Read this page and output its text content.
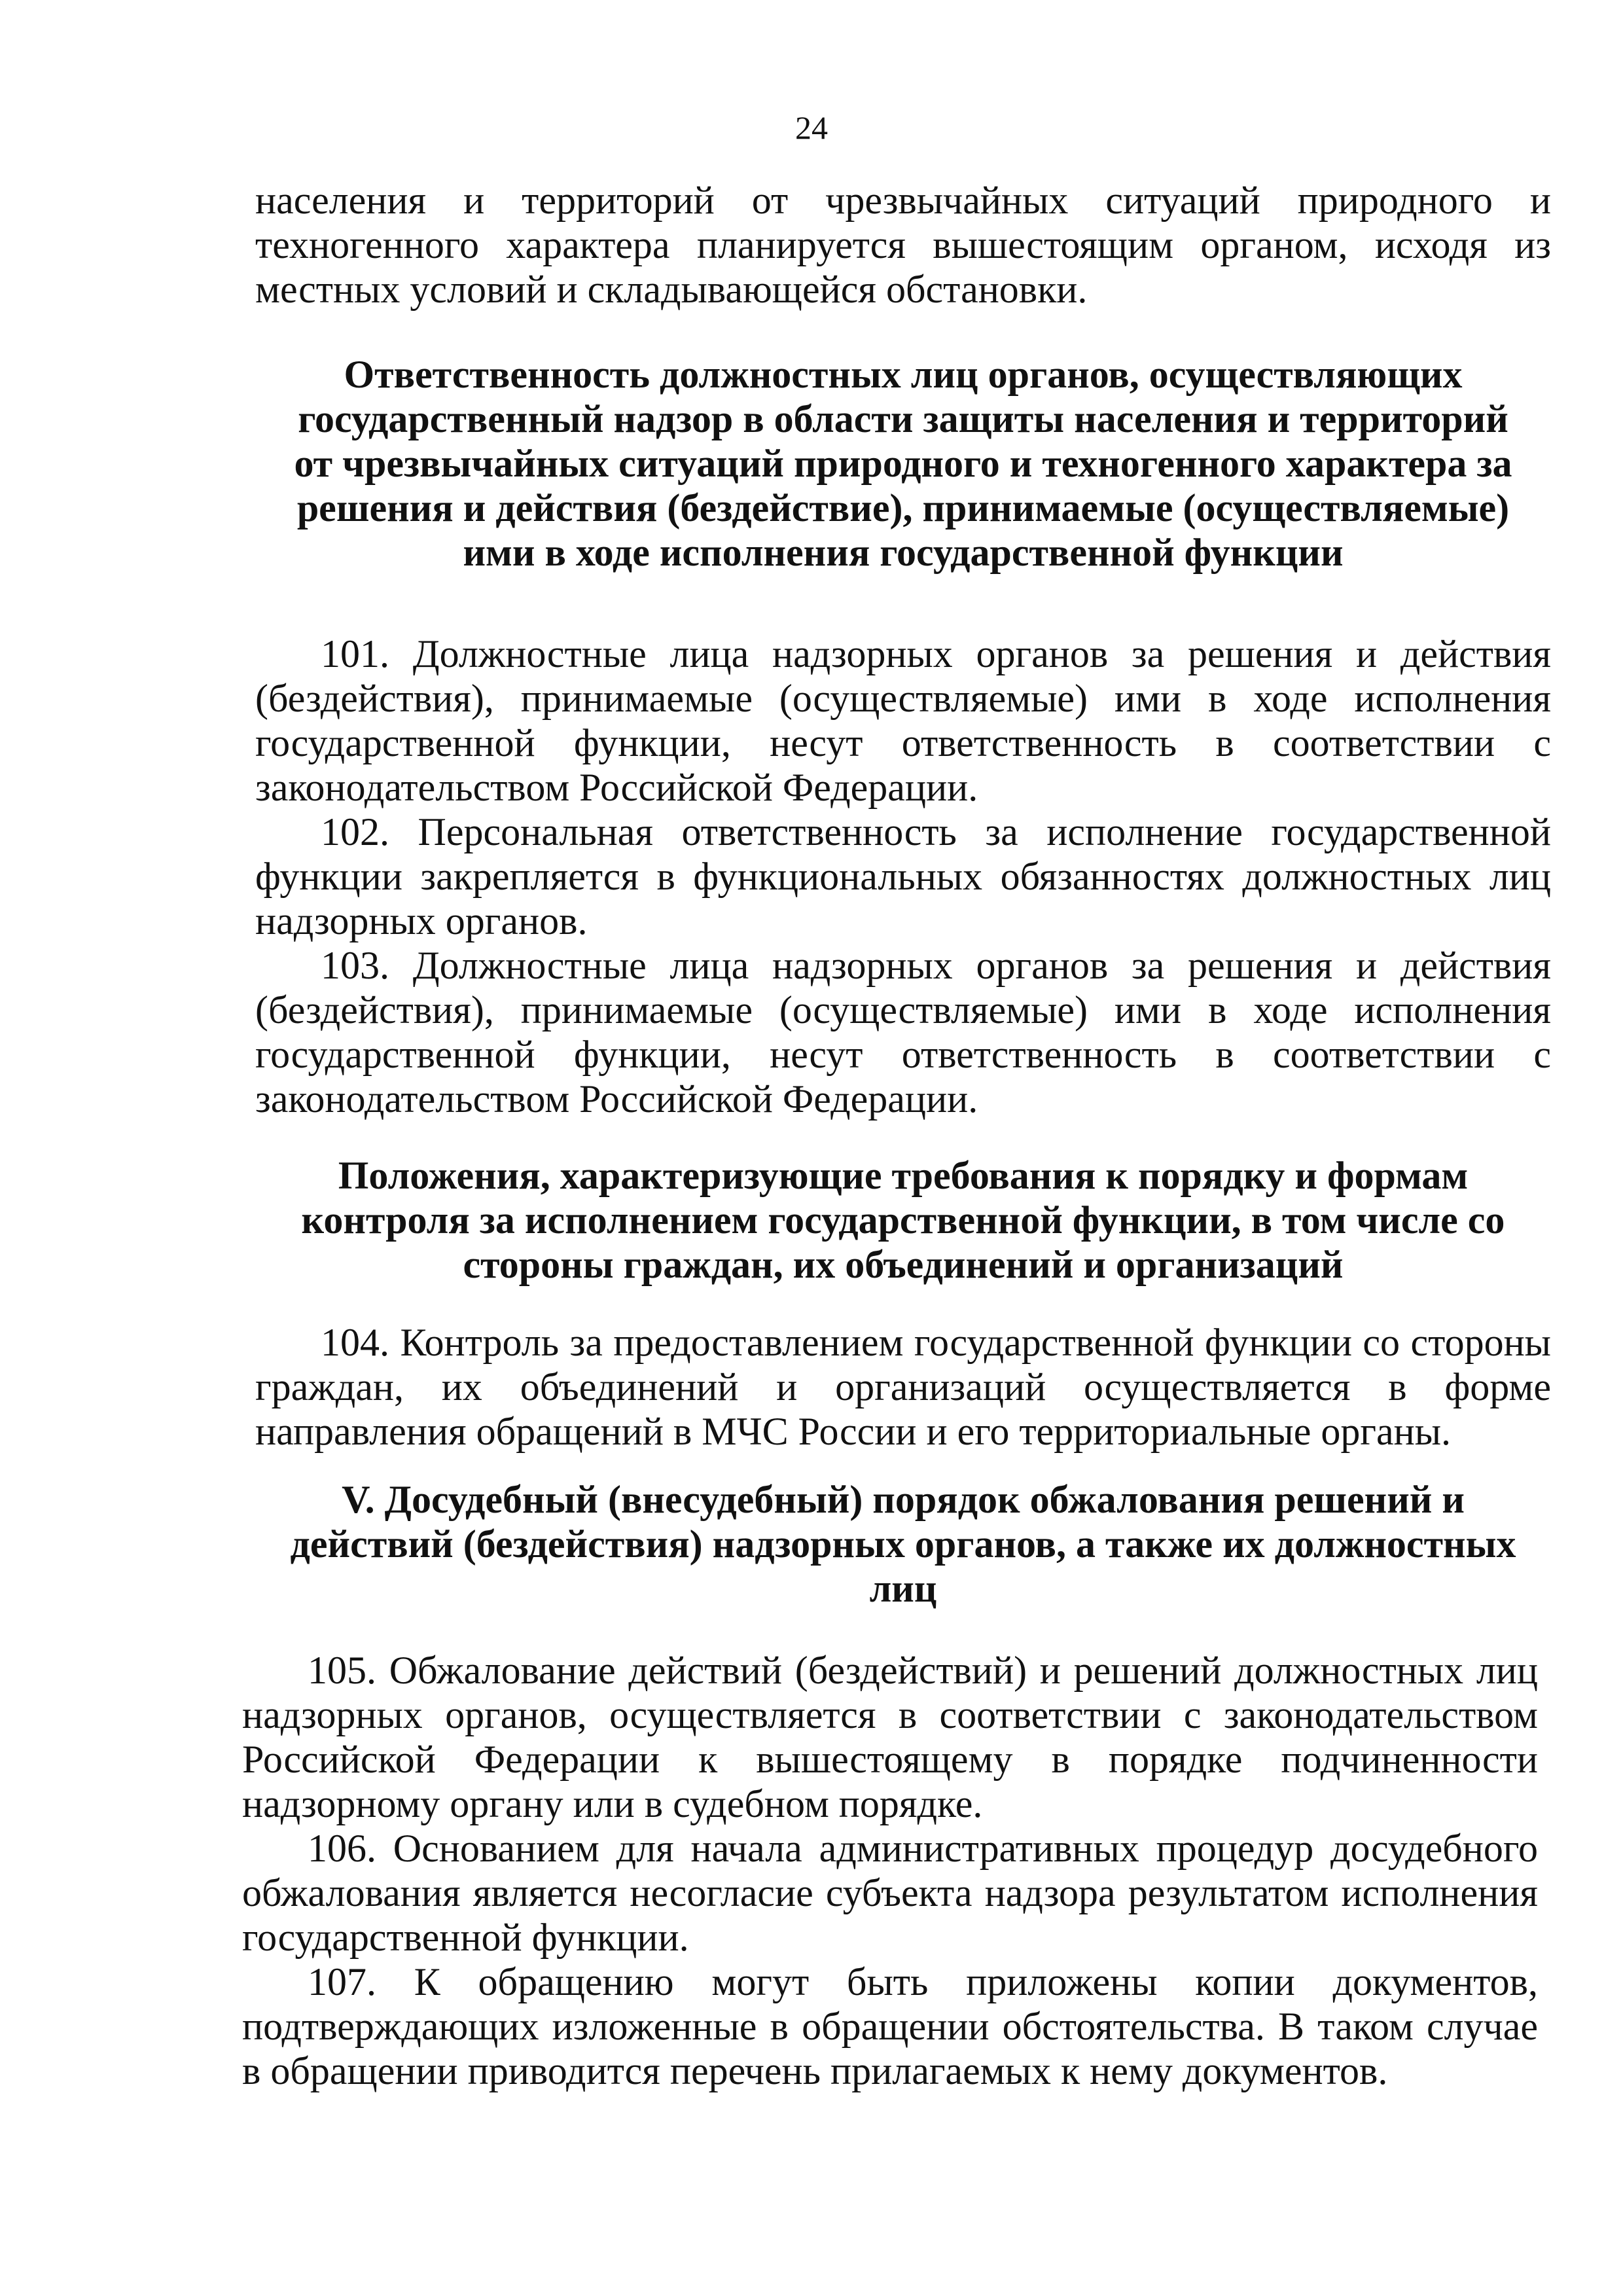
24

населения и территорий от чрезвычайных ситуаций природного и техногенного характера планируется вышестоящим органом, исходя из местных условий и складывающейся обстановки.

Ответственность должностных лиц органов, осуществляющих государственный надзор в области защиты населения и территорий от чрезвычайных ситуаций природного и техногенного характера за решения и действия (бездействие), принимаемые (осуществляемые) ими в ходе исполнения государственной функции

101. Должностные лица надзорных органов за решения и действия (бездействия), принимаемые (осуществляемые) ими в ходе исполнения государственной функции, несут ответственность в соответствии с законодательством Российской Федерации.

102. Персональная ответственность за исполнение государственной функции закрепляется в функциональных обязанностях должностных лиц надзорных органов.

103. Должностные лица надзорных органов за решения и действия (бездействия), принимаемые (осуществляемые) ими в ходе исполнения государственной функции, несут ответственность в соответствии с законодательством Российской Федерации.

Положения, характеризующие требования к порядку и формам контроля за исполнением государственной функции, в том числе со стороны граждан, их объединений и организаций

104. Контроль за предоставлением государственной функции со стороны граждан, их объединений и организаций осуществляется в форме направления обращений в МЧС России и его территориальные органы.

V. Досудебный (внесудебный) порядок обжалования решений и действий (бездействия) надзорных органов, а также их должностных лиц

105. Обжалование действий (бездействий) и решений должностных лиц надзорных органов, осуществляется в соответствии с законодательством Российской Федерации к вышестоящему в порядке подчиненности надзорному органу или в судебном порядке.

106. Основанием для начала административных процедур досудебного обжалования является несогласие субъекта надзора результатом исполнения государственной функции.

107. К обращению могут быть приложены копии документов, подтверждающих изложенные в обращении обстоятельства. В таком случае в обращении приводится перечень прилагаемых к нему документов.
